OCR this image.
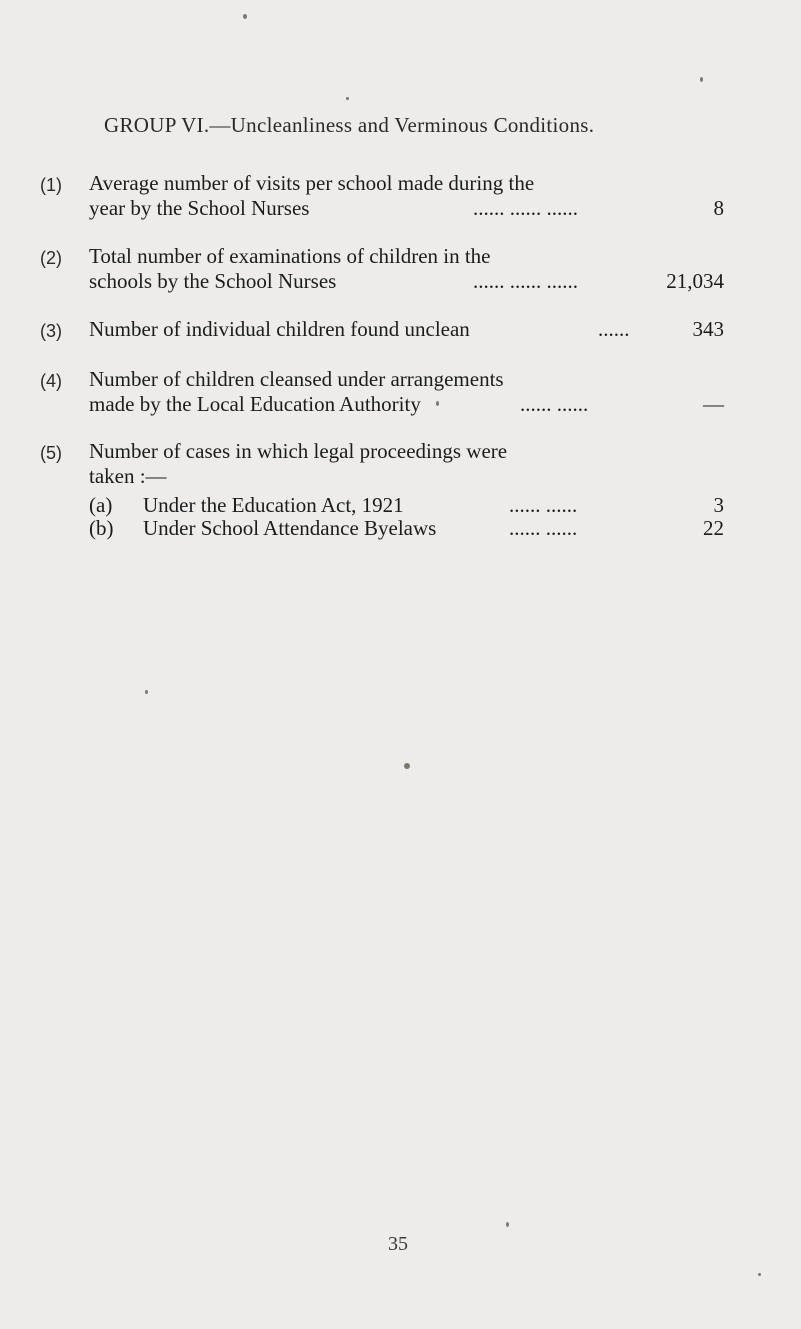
GROUP VI.—Uncleanliness and Verminous Conditions.
(1) Average number of visits per school made during the
year by the School Nurses	...... ...... ......	8
(2) Total number of examinations of children in the
schools by the School Nurses	...... ...... ......	21,034
(3) Number of individual children found unclean	......	343
(4) Number of children cleansed under arrangements
made by the Local Education Authority	...... ......	—
(5) Number of cases in which legal proceedings were
taken :—
(a)	Under the Education Act, 1921	...... ......	3
(b)	Under School Attendance Byelaws	...... ......	22
35
